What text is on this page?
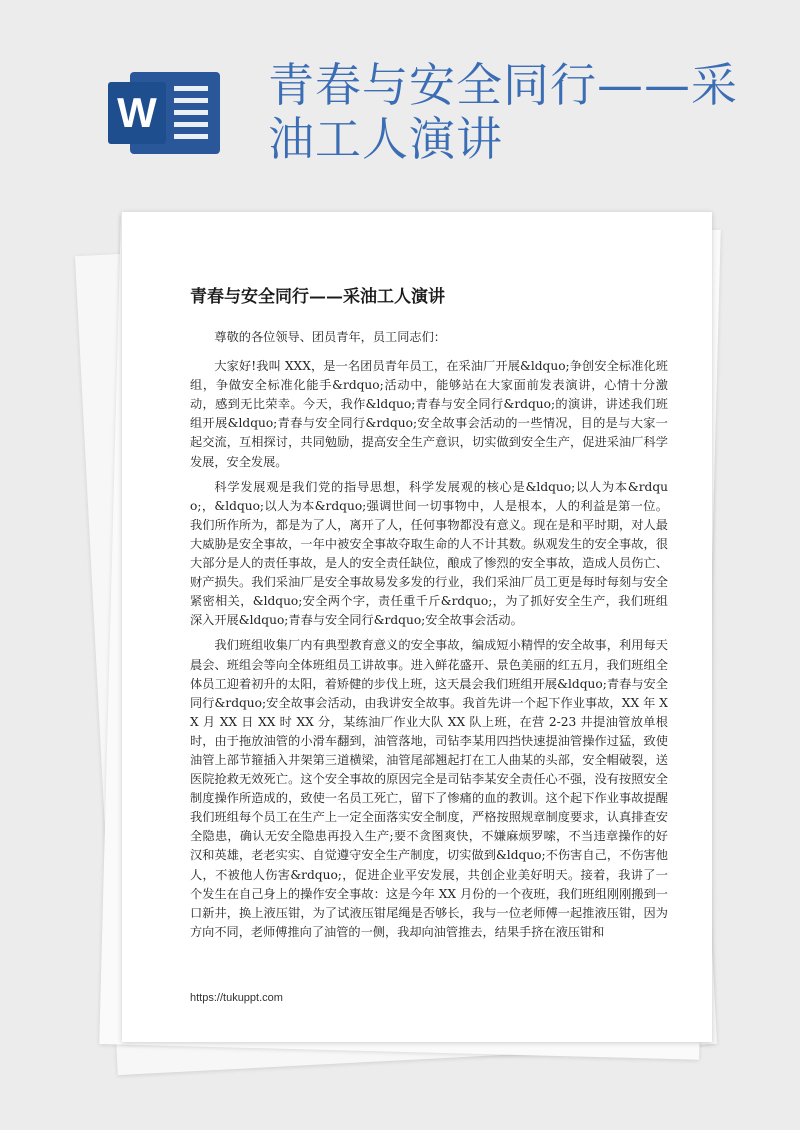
W
青春与安全同行——采油工人演讲
青春与安全同行——采油工人演讲

尊敬的各位领导、团员青年，员工同志们：

大家好!我叫 XXX，是一名团员青年员工，在采油厂开展&ldquo;争创安全标准化班组，争做安全标准化能手&rdquo;活动中，能够站在大家面前发表演讲，心情十分激动，感到无比荣幸。今天，我作&ldquo;青春与安全同行&rdquo;的演讲，讲述我们班组开展&ldquo;青春与安全同行&rdquo;安全故事会活动的一些情况，目的是与大家一起交流，互相探讨，共同勉励，提高安全生产意识，切实做到安全生产，促进采油厂科学发展，安全发展。

科学发展观是我们党的指导思想，科学发展观的核心是&ldquo;以人为本&rdquo;，&ldquo;以人为本&rdquo;强调世间一切事物中，人是根本，人的利益是第一位。我们所作所为，都是为了人，离开了人，任何事物都没有意义。现在是和平时期，对人最大威胁是安全事故，一年中被安全事故夺取生命的人不计其数。纵观发生的安全事故，很大部分是人的责任事故，是人的安全责任缺位，酿成了惨烈的安全事故，造成人员伤亡、财产损失。我们采油厂是安全事故易发多发的行业，我们采油厂员工更是每时每刻与安全紧密相关，&ldquo;安全两个字，责任重千斤&rdquo;，为了抓好安全生产，我们班组深入开展&ldquo;青春与安全同行&rdquo;安全故事会活动。

我们班组收集厂内有典型教育意义的安全事故，编成短小精悍的安全故事，利用每天晨会、班组会等向全体班组员工讲故事。进入鲜花盛开、景色美丽的红五月，我们班组全体员工迎着初升的太阳，着矫健的步伐上班，这天晨会我们班组开展&ldquo;青春与安全同行&rdquo;安全故事会活动，由我讲安全故事。我首先讲一个起下作业事故，XX 年 XX 月 XX 日 XX 时 XX 分，某练油厂作业大队 XX 队上班，在营 2-23 井提油管放单根时，由于拖放油管的小滑车翻到，油管落地，司钻李某用四挡快速提油管操作过猛，致使油管上部节箍插入井架第三道横梁，油管尾部翘起打在工人曲某的头部，安全帽破裂，送医院抢救无效死亡。这个安全事故的原因完全是司钻李某安全责任心不强，没有按照安全制度操作所造成的，致使一名员工死亡，留下了惨痛的血的教训。这个起下作业事故提醒我们班组每个员工在生产上一定全面落实安全制度，严格按照规章制度要求，认真排查安全隐患，确认无安全隐患再投入生产;要不贪图爽快，不嫌麻烦罗嗦，不当违章操作的好汉和英雄，老老实实、自觉遵守安全生产制度，切实做到&ldquo;不伤害自己，不伤害他人，不被他人伤害&rdquo;，促进企业平安发展，共创企业美好明天。接着，我讲了一个发生在自己身上的操作安全事故：这是今年 XX 月份的一个夜班，我们班组刚刚搬到一口新井，换上液压钳，为了试液压钳尾绳是否够长，我与一位老师傅一起推液压钳，因为方向不同，老师傅推向了油管的一侧，我却向油管推去，结果手挤在液压钳和

https://tukuppt.com
